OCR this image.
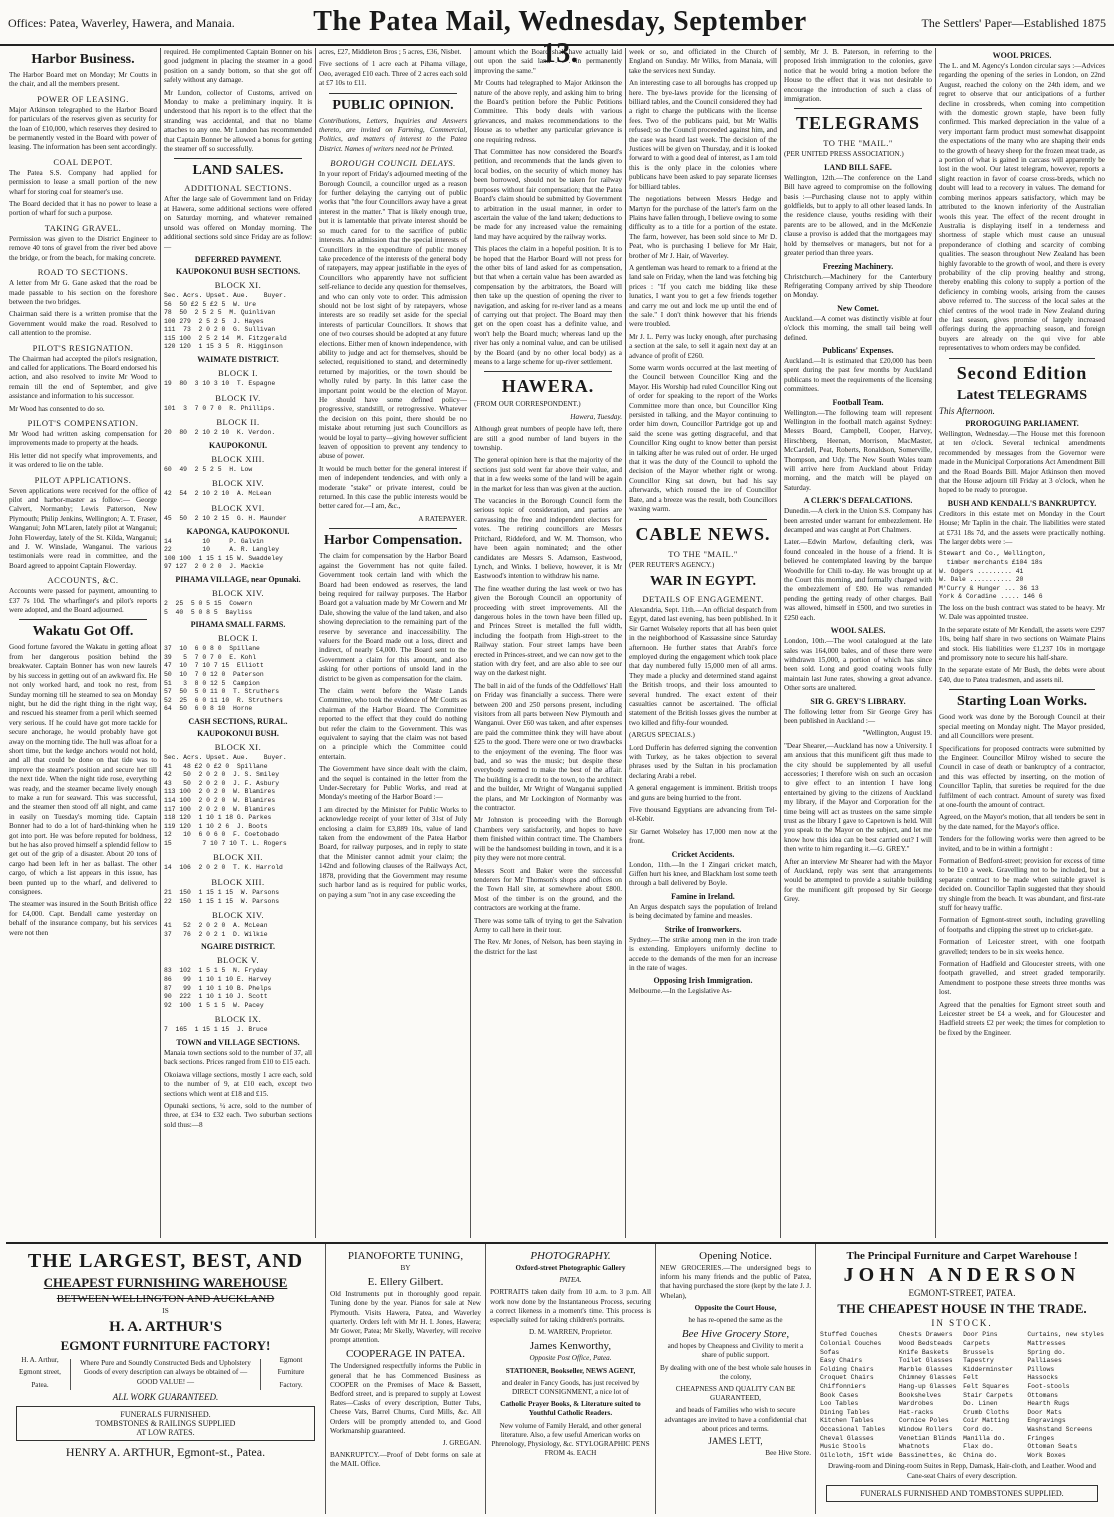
Offices: Patea, Waverley, Hawera, and Manaia.	The Patea Mail, Wednesday, September 13.
The Settlers' Paper—Established 1875
Harbor Business.

The Harbor Board met on Monday; Mr Coutts in the chair, and all the members present.

POWER OF LEASING.

Major Atkinson telegraphed to the Harbor Board for particulars of the reserves given as security for the loan of £10,000, which reserves they desired to be permanently vested in the Board with power of leasing. The information has been sent accordingly.

COAL DEPOT.

The Patea S.S. Company had applied for permission to lease a small portion of the new wharf for storing coal for steamer's use.

The Board decided that it has no power to lease a portion of wharf for such a purpose.

TAKING GRAVEL.

Permission was given to the District Engineer to remove 40 tons of gravel from the river bed above the bridge, or from the beach, for making concrete.

ROAD TO SECTIONS.

A letter from Mr G. Gane asked that the road be made passable to his section on the foreshore between the two bridges.

Chairman said there is a written promise that the Government would make the road. Resolved to call attention to the promise.

PILOT'S RESIGNATION.

The Chairman had accepted the pilot's resignation, and called for applications. The Board endorsed his action, and also resolved to invite Mr Wood to remain till the end of September, and give assistance and information to his successor.

Mr Wood has consented to do so.

PILOT'S COMPENSATION.

Mr Wood had written asking compensation for improvements made to property at the heads.

His letter did not specify what improvements, and it was ordered to lie on the table.

PILOT APPLICATIONS.

Seven applications were received for the office of pilot and harbor-master as follow:— George Calvert, Normanby; Lewis Patterson, New Plymouth; Philip Jenkins, Wellington; A. T. Fraser, Wanganui; John M'Laren, lately pilot at Wanganui; John Flowerday, lately of the St. Kilda, Wanganui; and J. W. Winslade, Wanganui. The various testimonials were read in committee, and the Board agreed to appoint Captain Flowerday.

ACCOUNTS, &C.

Accounts were passed for payment, amounting to £37 7s 10d. The wharfinger's and pilot's reports were adopted, and the Board adjourned.

Wakatu Got Off.

Good fortune favored the Wakatu in getting afloat from her dangerous position behind the breakwater. Captain Bonner has won new laurels by his success in getting out of an awkward fix. He not only worked hard, and took no rest, from Sunday morning till he steamed to sea on Monday night, but he did the right thing in the right way, and rescued his steamer from a peril which seemed very serious. If he could have got more tackle for secure anchorage, he would probably have got away on the morning tide. The hull was afloat for a short time, but the kedge anchors would not hold, and all that could be done on that tide was to improve the steamer's position and secure her till the next tide. When the night tide rose, everything was ready, and the steamer became lively enough to make a run for seaward. This was successful, and the steamer then stood off all night, and came in easily on Tuesday's morning tide. Captain Bonner had to do a lot of hard-thinking when he got into port. He was before reputed for boldness, but he has also proved himself a splendid fellow to get out of the grip of a disaster. About 20 tons of cargo had been left in her as ballast. The other cargo, of which a list appears in this issue, has been punted up to the wharf, and delivered to consignees.

The steamer was insured in the South British office for £4,000. Capt. Bendall came yesterday on behalf of the insurance company, but his services were not then

required. He complimented Captain Bonner on his good judgment in placing the steamer in a good position on a sandy bottom, so that she got off safely without any damage.

Mr Lundon, collector of Customs, arrived on Monday to make a preliminary inquiry. It is understood that his report is to the effect that the stranding was accidental, and that no blame attaches to any one. Mr Lundon has recommended that Captain Bonner be allowed a bonus for getting the steamer off so successfully.

LAND SALES.
ADDITIONAL SECTIONS.

After the large sale of Government land on Friday at Hawera, some additional sections were offered on Saturday morning, and whatever remained unsold was offered on Monday morning. The additional sections sold since Friday are as follow:—

DEFERRED PAYMENT.
KAUPOKONUI BUSH SECTIONS.
BLOCK XI.
Sec. Acrs. Upset. Aue.    Buyer.
56  50 £2 5 £2 5  W. Ure
78  50  2 5 2 5  M. Quinlivan
100 279  2 5 2 5  J. Hayes
111  73  2 0 2 0  G. Sullivan
115 100  2 5 2 14  M. Fitzgerald
120 120  1 15 3 5  R. Higginson
WAIMATE DISTRICT.
BLOCK I.
19  80  3 10 3 10  T. Espagne
BLOCK IV.
101  3  7 0 7 0  R. Phillips.
BLOCK II.
20  80  2 10 2 10  K. Verdon.
KAUPOKONUI.
BLOCK XIII.
60  49  2 5 2 5  H. Low
BLOCK XIV.
42  54  2 10 2 10  A. McLean
BLOCK XVI.
45  50  2 10 2 15  G. H. Maunder
KAPONGA, KAUPOKONUI.
14        10     P. Galvin
22        10     A. R. Langley
100 100  1 15 1 15 W. Swaddeley
97 127  2 0 2 0  J. Mackie
PIHAMA VILLAGE, near Opunaki.
BLOCK XIV.
2  25  5 0 5 15  Cowern
5  40  5 0 8 5  Bayliss
PIHAMA SMALL FARMS.
BLOCK I.
37  10  6 0 8 0  Spillane
39   5  7 0 7 0  E. Kohl
47  10  7 10 7 15  Elliott
50  10  7 0 12 0  Paterson
51   3  8 0 12 5  Campion
57  50  5 0 11 0  T. Struthers
52  25  6 0 11 10  R. Struthers
64  50  6 0 8 10  Horne
CASH SECTIONS, RURAL.
KAUPOKONUI BUSH.
BLOCK XI.
Sec. Acrs. Upset. Aue.    Buyer.
41   48 £2 0 £2 0  Spillane
42   50  2 0 2 0  J. S. Smiley
43   50  2 0 2 0  J. F. Asbury
113 100  2 0 2 0  W. Blamires
114 100  2 0 2 0  W. Blamires
117 100  2 0 2 0  W. Blamires
118 120  1 10 1 18 G. Parkes
119 120  1 10 2 6  J. Boots
12   10  6 0 6 0  F. Coetobado
15        7 10 7 10 T. L. Rogers
BLOCK XII.
14  106  2 0 2 0  T. K. Harrold
BLOCK XIII.
21  150  1 15 1 15  W. Parsons
22  150  1 15 1 15  W. Parsons
BLOCK XIV.
41   52  2 0 2 0  A. McLean
37   76  2 0 2 1  D. Wilkie
NGAIRE DISTRICT.
BLOCK V.
83  102  1 5 1 5  N. Fryday
86   99  1 10 1 10 E. Harvey
87   99  1 10 1 10 B. Phelps
90  222  1 10 1 10 J. Scott
92  100  1 5 1 5  W. Pacey
BLOCK IX.
7  165  1 15 1 15  J. Bruce
TOWN and VILLAGE SECTIONS.

Manaia town sections sold to the number of 37, all back sections. Prices ranged from £10 to £15 each.

Okoiawa village sections, mostly 1 acre each, sold to the number of 9, at £10 each, except two sections which went at £18 and £15.

Opunaki sections, ¼ acre, sold to the number of three, at £34 to £32 each. Two suburban sections sold thus:—8

acres, £27, Middleton Bros ; 5 acres, £36, Nisbet.

Five sections of 1 acre each at Pihama village, Oeo, averaged £10 each. Three of 2 acres each sold at £7 10s to £11.

PUBLIC OPINION.

Contributions, Letters, Inquiries and Answers thereto, are invited on Farming, Commercial, Politics, and matters of interest to the Patea District. Names of writers need not be Printed.

BOROUGH COUNCIL DELAYS.

In your report of Friday's adjourned meeting of the Borough Council, a councillor urged as a reason for further delaying the carrying out of public works that "the four Councillors away have a great interest in the matter." That is likely enough true, but it is lamentable that private interest should be so much cared for to the sacrifice of public interests. An admission that the special interests of Councillors in the expenditure of public money take precedence of the interests of the general body of ratepayers, may appear justifiable in the eyes of Councillors who apparently have not sufficient self-reliance to decide any question for themselves, and who can only vote to order. This admission should not be lost sight of by ratepayers, whose interests are so readily set aside for the special interests of particular Councillors. It shows that one of two courses should be adopted at any future elections. Either men of known independence, with ability to judge and act for themselves, should be selected, requisitioned to stand, and determinedly returned by majorities, or the town should be wholly ruled by party. In this latter case the important point would be the election of Mayor. He should have some defined policy— progressive, standstill, or retrogressive. Whatever the decision on this point, there should be no mistake about returning just such Councillors as would be loyal to party—giving however sufficient leaven of opposition to prevent any tendency to abuse of power.

It would be much better for the general interest if men of independent tendencies, and with only a moderate "stake" or private interest, could be returned. In this case the public interests would be better cared for.—I am, &c.,

A RATEPAYER.

Harbor Compensation.

The claim for compensation by the Harbor Board against the Government has not quite failed. Government took certain land with which the Board had been endowed as reserves, the land being required for railway purposes. The Harbor Board got a valuation made by Mr Cowern and Mr Dale, showing the value of the land taken, and also showing depreciation to the remaining part of the reserve by severance and inaccessibility. The valuers for the Board made out a loss, direct and indirect, of nearly £4,000. The Board sent to the Government a claim for this amount, and also asking for other portions of unsold land in the district to be given as compensation for the claim.

The claim went before the Waste Lands Committee, who took the evidence of Mr Coutts as chairman of the Harbor Board. The Committee reported to the effect that they could do nothing but refer the claim to the Government. This was equivalent to saying that the claim was not based on a principle which the Committee could entertain.

The Government have since dealt with the claim, and the sequel is contained in the letter from the Under-Secretary for Public Works, and read at Monday's meeting of the Harbor Board :—

I am directed by the Minister for Public Works to acknowledge receipt of your letter of 31st of July enclosing a claim for £3,889 10s, value of land taken from the endowment of the Patea Harbor Board, for railway purposes, and in reply to state that the Minister cannot admit your claim; the 142nd and following clauses of the Railways Act, 1878, providing that the Government may resume such harbor land as is required for public works, on paying a sum "not in any case exceeding the

amount which the Board shall have actually laid out upon the said land . . . in permanently improving the same."

Mr Coutts had telegraphed to Major Atkinson the nature of the above reply, and asking him to bring the Board's petition before the Public Petitions Committee. This body deals with various grievances, and makes recommendations to the House as to whether any particular grievance is one requiring redress.

That Committee has now considered the Board's petition, and recommends that the lands given to local bodies, on the security of which money has been borrowed, should not be taken for railway purposes without fair compensation; that the Patea Board's claim should be submitted by Government to arbitration in the usual manner, in order to ascertain the value of the land taken; deductions to be made for any increased value the remaining land may have acquired by the railway works.

This places the claim in a hopeful position. It is to be hoped that the Harbor Board will not press for the other bits of land asked for as compensation, but that when a certain value has been awarded as compensation by the arbitrators, the Board will then take up the question of opening the river to navigation, and asking for re-river land as a means of carrying out that project. The Board may then get on the open coast has a definite value, and won't help the Board much; whereas land up the river has only a nominal value, and can be utilised by the Board (and by no other local body) as a means to a large scheme for up-river settlement.

HAWERA.

(FROM OUR CORRESPONDENT.)

Hawera, Tuesday.

Although great numbers of people have left, there are still a good number of land buyers in the township.

The general opinion here is that the majority of the sections just sold went far above their value, and that in a few weeks some of the land will be again in the market for less than was given at the auction.

The vacancies in the Borough Council form the serious topic of consideration, and parties are canvassing the free and independent electors for votes. The retiring councillors are Messrs Pritchard, Riddeford, and W. M. Thomson, who have been again nominated; and the other candidates are Messrs S. Adamson, Eastwood, Lynch, and Winks. I believe, however, it is Mr Eastwood's intention to withdraw his name.

The fine weather during the last week or two has given the Borough Council an opportunity of proceeding with street improvements. All the dangerous holes in the town have been filled up, and Princes Street is metalled the full width, including the footpath from High-street to the Railway station. Four street lamps have been erected in Princes-street, and we can now get to the station with dry feet, and are also able to see our way on the darkest night.

The ball in aid of the funds of the Oddfellows' Hall on Friday was financially a success. There were between 200 and 250 persons present, including visitors from all parts between New Plymouth and Wanganui. Over £60 was taken, and after expenses are paid the committee think they will have about £25 to the good. There were one or two drawbacks to the enjoyment of the evening. The floor was bad, and so was the music; but despite these everybody seemed to make the best of the affair. The building is a credit to the town, to the architect and the builder, Mr Wright of Wanganui supplied the plans, and Mr Lockington of Normanby was the contractor.

Mr Johnston is proceeding with the Borough Chambers very satisfactorily, and hopes to have them finished within contract time. The Chambers will be the handsomest building in town, and it is a pity they were not more central.

Messrs Scott and Baker were the successful tenderers for Mr Thomson's shops and offices on the Town Hall site, at somewhere about £800. Most of the timber is on the ground, and the contractors are working at the frame.

There was some talk of trying to get the Salvation Army to call here in their tour.

The Rev. Mr Jones, of Nelson, has been staying in the district for the last

week or so, and officiated in the Church of England on Sunday. Mr Wilks, from Manaia, will take the services next Sunday.

An interesting case to all boroughs has cropped up here. The bye-laws provide for the licensing of billiard tables, and the Council considered they had a right to charge the publicans with the license fees. Two of the publicans paid, but Mr Wallis refused; so the Council proceeded against him, and the case was heard last week. The decision of the Justices will be given on Thursday, and it is looked forward to with a good deal of interest, as I am told this is the only place in the colonies where publicans have been asked to pay separate licenses for billiard tables.

The negotiations between Messrs Hedge and Martyn for the purchase of the latter's farm on the Plains have fallen through, I believe owing to some difficulty as to a title for a portion of the estate. The farm, however, has been sold since to Mr D. Peat, who is purchasing I believe for Mr Hair, brother of Mr J. Hair, of Waverley.

A gentleman was heard to remark to a friend at the land sale on Friday, when the land was fetching big prices : "If you catch me bidding like these lunatics, I want you to get a few friends together and carry me out and lock me up until the end of the sale." I don't think however that his friends were troubled.

Mr J. L. Perry was lucky enough, after purchasing a section at the sale, to sell it again next day at an advance of profit of £260.

Some warm words occurred at the last meeting of the Council between Councillor King and the Mayor. His Worship had ruled Councillor King out of order for speaking to the report of the Works Committee more than once, but Councillor King persisted in talking, and the Mayor continuing to order him down, Councillor Partridge got up and said the scene was getting disgraceful, and that Councillor King ought to know better than persist in talking after he was ruled out of order. He urged that it was the duty of the Council to uphold the decision of the Mayor whether right or wrong. Councillor King sat down, but had his say afterwards, which roused the ire of Councillor Bate, and a breeze was the result, both Councillors waxing warm.

CABLE NEWS.
TO THE "MAIL."

(PER REUTER'S AGENCY.)

WAR IN EGYPT.
DETAILS OF ENGAGEMENT.

Alexandria, Sept. 11th.—An official despatch from Egypt, dated last evening, has been published. In it Sir Garnet Wolseley reports that all has been quiet in the neighborhood of Kassassine since Saturday afternoon. He further states that Arabi's force employed during the engagement which took place that day numbered fully 15,000 men of all arms. They made a plucky and determined stand against the British troops, and their loss amounted to several hundred. The exact extent of their casualties cannot be ascertained. The official statement of the British losses gives the number at two killed and fifty-four wounded.

(ARGUS SPECIALS.)

Lord Dufferin has deferred signing the convention with Turkey, as he takes objection to several phrases used by the Sultan in his proclamation declaring Arabi a rebel.

A general engagement is imminent. British troops and guns are being hurried to the front.

Five thousand Egyptians are advancing from Tel-el-Kebir.

Sir Garnet Wolseley has 17,000 men now at the front.

Cricket Accidents.

London, 11th.—In the I Zingari cricket match, Giffen hurt his knee, and Blackham lost some teeth through a ball delivered by Boyle.

Famine in Ireland.

An Argus despatch says the population of Ireland is being decimated by famine and measles.

Strike of Ironworkers.

Sydney.—The strike among men in the iron trade is extending. Employers uniformly decline to accede to the demands of the men for an increase in the rate of wages.

Opposing Irish Immigration.

Melbourne.—In the Legislative As-

sembly, Mr J. B. Paterson, in referring to the proposed Irish immigration to the colonies, gave notice that he would bring a motion before the House to the effect that it was not desirable to encourage the introduction of such a class of immigration.

TELEGRAMS
TO THE "MAIL."

(PER UNITED PRESS ASSOCIATION.)

LAND BILL SAFE.

Wellington, 12th.—The conference on the Land Bill have agreed to compromise on the following basis :—Purchasing clause not to apply within goldfields, but to apply to all other leased lands. In the residence clause, youths residing with their parents are to be allowed, and in the McKenzie clause a proviso is added that the mortgagees may hold by themselves or managers, but not for a greater period than three years.

Freezing Machinery.

Christchurch.—Machinery for the Canterbury Refrigerating Company arrived by ship Theodore on Monday.

New Comet.

Auckland.—A comet was distinctly visible at four o'clock this morning, the small tail being well defined.

Publicans' Expenses.

Auckland.—It is estimated that £20,000 has been spent during the past few months by Auckland publicans to meet the requirements of the licensing committees.

Football Team.

Wellington.—The following team will represent Wellington in the football match against Sydney: Messrs Board, Campbell, Cooper, Harvey, Hirschberg, Heenan, Morrison, MacMaster, McCardell, Peat, Roberts, Ronaldson, Somerville, Thompson, and Udy. The New South Wales team will arrive here from Auckland about Friday morning, and the match will be played on Saturday.

A CLERK'S DEFALCATIONS.

Dunedin.—A clerk in the Union S.S. Company has been arrested under warrant for embezzlement. He decamped and was caught at Port Chalmers.

Later.—Edwin Marlow, defaulting clerk, was found concealed in the house of a friend. It is believed he contemplated leaving by the barque Woodville for Chili to-day. He was brought up at the Court this morning, and formally charged with the embezzlement of £80. He was remanded pending the getting ready of other charges. Bail was allowed, himself in £500, and two sureties in £250 each.

WOOL SALES.

London, 10th.—The wool catalogued at the late sales was 164,000 bales, and of these there were withdrawn 15,000, a portion of which has since been sold. Long and good coating wools fully maintain last June rates, showing a great advance. Other sorts are unaltered.

SIR G. GREY'S LIBRARY.

The following letter from Sir George Grey has been published in Auckland :—

"Wellington, August 19.

"Dear Shearer,—Auckland has now a University. I am anxious that this munificent gift thus made to the city should be supplemented by all useful accessories; I therefore wish on such an occasion to give effect to an intention I have long entertained by giving to the citizens of Auckland my library, if the Mayor and Corporation for the time being will act as trustees on the same simple trust as the library I gave to Capetown is held. Will you speak to the Mayor on the subject, and let me know how this idea can be best carried out? I will then write to him regarding it.—G. GREY."

After an interview Mr Shearer had with the Mayor of Auckland, reply was sent that arrangements would be attempted to provide a suitable building for the munificent gift proposed by Sir George Grey.

WOOL PRICES.

The L. and M. Agency's London circular says :—Advices regarding the opening of the series in London, on 22nd August, reached the colony on the 24th idem, and we regret to observe that our anticipations of a further decline in crossbreds, when coming into competition with the domestic grown staple, have been fully confirmed. This marked depreciation in the value of a very important farm product must somewhat disappoint the expectations of the many who are shaping their ends to the growth of heavy sheep for the frozen meat trade, as a portion of what is gained in carcass will apparently be lost in the wool. Our latest telegram, however, reports a slight reaction in favor of coarse cross-breds, which no doubt will lead to a recovery in values. The demand for combing merinos appears satisfactory, which may be attributed to the known inferiority of the Australian wools this year. The effect of the recent drought in Australia is displaying itself in a tenderness and shortness of staple which must cause an unusual preponderance of clothing and scarcity of combing qualities. The season throughout New Zealand has been highly favorable to the growth of wool, and there is every probability of the clip proving healthy and strong, thereby enabling this colony to supply a portion of the deficiency in combing wools, arising from the causes above referred to. The success of the local sales at the chief centres of the wool trade in New Zealand during the last season, gives promise of largely increased offerings during the approaching season, and foreign buyers are already on the qui vive for able representatives to whom orders may be confided.

Second Edition
Latest TELEGRAMS

This Afternoon.

PROROGUING PARLIAMENT.

Wellington, Wednesday.—The House met this forenoon at ten o'clock. Several technical amendments recommended by messages from the Governor were made in the Municipal Corporations Act Amendment Bill and the Road Boards Bill. Major Atkinson then moved that the House adjourn till Friday at 3 o'clock, when he hoped to be ready to prorogue.

BUSH AND KENDALL'S BANKRUPTCY.

Creditors in this estate met on Monday in the Court House; Mr Taplin in the chair. The liabilities were stated at £731 18s 7d, and the assets were practically nothing. The larger debts were :—

Stewart and Co., Wellington,
timber merchants £104 18s
W. Odgers ......... 41
W. Dale ........... 20
M'Curry & Hunger ... 36 13
York & Coradine ..... 146 6

The loss on the bush contract was stated to be heavy. Mr W. Dale was appointed trustee.

In the separate estate of Mr Kendall, the assets were £297 10s, being half share in two sections on Waimate Plains and stock. His liabilities were £1,237 10s in mortgage and promissory note to secure his half-share.

In the separate estate of Mr Bush, the debts were about £40, due to Patea tradesmen, and assets nil.

Starting Loan Works.

Good work was done by the Borough Council at their special meeting on Monday night. The Mayor presided, and all Councillors were present.

Specifications for proposed contracts were submitted by the Engineer. Councillor Milroy wished to secure the Council in case of death or bankruptcy of a contractor, and this was effected by inserting, on the motion of Councillor Taplin, that sureties be required for the due fulfilment of each contract. Amount of surety was fixed at one-fourth the amount of contract.

Agreed, on the Mayor's motion, that all tenders be sent in by the date named, for the Mayor's office.

Tenders for the following works were then agreed to be invited, and to be in within a fortnight :

Formation of Bedford-street; provision for excess of time to be £10 a week. Gravelling not to be included, but a separate contract to be made when suitable gravel is decided on. Councillor Taplin suggested that they should try shingle from the beach. It was abundant, and first-rate stuff for heavy traffic.

Formation of Egmont-street south, including gravelling of footpaths and clipping the street up to cricket-gate.

Formation of Leicester street, with one footpath gravelled; tenders to be in six weeks hence.

Formation of Hadfield and Gloucester streets, with one footpath gravelled, and street graded temporarily. Amendment to postpone these streets three months was lost.

Agreed that the penalties for Egmont street south and Leicester street be £4 a week, and for Gloucester and Hadfield streets £2 per week; the times for completion to be fixed by the Engineer.

THE LARGEST, BEST, AND
CHEAPEST FURNISHING WAREHOUSE
BETWEEN WELLINGTON AND AUCKLAND

IS

H. A. ARTHUR'S
EGMONT FURNITURE FACTORY!

H. A. Arthur,

Egmont street,

Patea.

Where Pure and Soundly Constructed Beds and Upholstery Goods of every description can always be obtained of — GOOD VALUE! —

Egmont

Furniture

Factory.

ALL WORK GUARANTEED.

FUNERALS FURNISHED.
TOMBSTONES & RAILINGS SUPPLIED
AT LOW RATES.
HENRY A. ARTHUR, Egmont-st., Patea.
PIANOFORTE TUNING,

BY

E. Ellery Gilbert.

Old Instruments put in thoroughly good repair. Tuning done by the year. Pianos for sale at New Plymouth. Visits Hawera, Patea, and Waverley quarterly. Orders left with Mr H. I. Jones, Hawera; Mr Gower, Patea; Mr Skelly, Waverley, will receive prompt attention.

COOPERAGE IN PATEA.

The Undersigned respectfully informs the Public in general that he has Commenced Business as COOPER on the Premises of Mace & Bassett, Bedford street, and is prepared to supply at Lowest Rates—Casks of every description, Butter Tubs, Cheese Vats, Barrel Churns, Curd Mills, &c. All Orders will be promptly attended to, and Good Workmanship guaranteed.

J. GREGAN.

BANKRUPTCY.—Proof of Debt forms on sale at the MAIL Office.

PHOTOGRAPHY.

Oxford-street Photographic Gallery

PATEA.

PORTRAITS taken daily from 10 a.m. to 3 p.m. All work now done by the Instantaneous Process, securing a correct likeness in a moment's time. This process is especially suited for taking children's portraits.

D. M. WARREN, Proprietor.

James Kenworthy,

Opposite Post Office, Patea.

STATIONER, Bookseller, NEWS AGENT,

and dealer in Fancy Goods, has just received by DIRECT CONSIGNMENT, a nice lot of

Catholic Prayer Books, & Literature suited to Youthful Catholic Readers.

New volume of Family Herald, and other general literature. Also, a few useful American works on Phrenology, Physiology, &c. STYLOGRAPHIC PENS FROM 4s. EACH

Opening Notice.

NEW GROCERIES.—The undersigned begs to inform his many friends and the public of Patea, that having purchased the store (kept by the late J. J. Whelan),

Opposite the Court House,

he has re-opened the same as the

Bee Hive Grocery Store,

and hopes by Cheapness and Civility to merit a share of public support.

By dealing with one of the best whole sale houses in the colony,

CHEAPNESS AND QUALITY CAN BE GUARANTEED,

and heads of Families who wish to secure advantages are invited to have a confidential chat about prices and terms.

JAMES LETT,

Bee Hive Store.

The Principal Furniture and Carpet Warehouse !
JOHN ANDERSON

EGMONT-STREET, PATEA.

THE CHEAPEST HOUSE IN THE TRADE.

IN STOCK.

Stuffed Couches
Colonial Couches
Sofas
Easy Chairs
Folding Chairs
Croquet Chairs
Chiffonniers
Book Cases
Loo Tables
Dining Tables
Kitchen Tables
Occasional Tables
Cheval Glasses
Music Stools
Oilcloth, 15ft wide
Chests Drawers
Wood Bedsteads
Knife Baskets
Toilet Glasses
Marble Glasses
Chimney Glasses
Hang-up Glasses
Bookshelves
Wardrobes
Hat-racks
Cornice Poles
Window Rollers
Venetian Blinds
Whatnots
Bassinettes, &c
Door Pins
Carpets
Brussels
Tapestry
Kidderminster
Felt
Felt Squares
Stair Carpets
Do. Linen
Crumb Cloths
Coir Matting
Cord do.
Manilla do.
Flax do.
China do.
Curtains, new styles
Mattresses
Spring do.
Palliases
Pillows
Hassocks
Foot-stools
Ottomans
Hearth Rugs
Door Mats
Engravings
Washstand Screens
Fringes
Ottoman Seats
Work Boxes

Drawing-room and Dining-room Suites in Repp, Damask, Hair-cloth, and Leather. Wood and Cane-seat Chairs of every description.

FUNERALS FURNISHED AND TOMBSTONES SUPPLIED.
